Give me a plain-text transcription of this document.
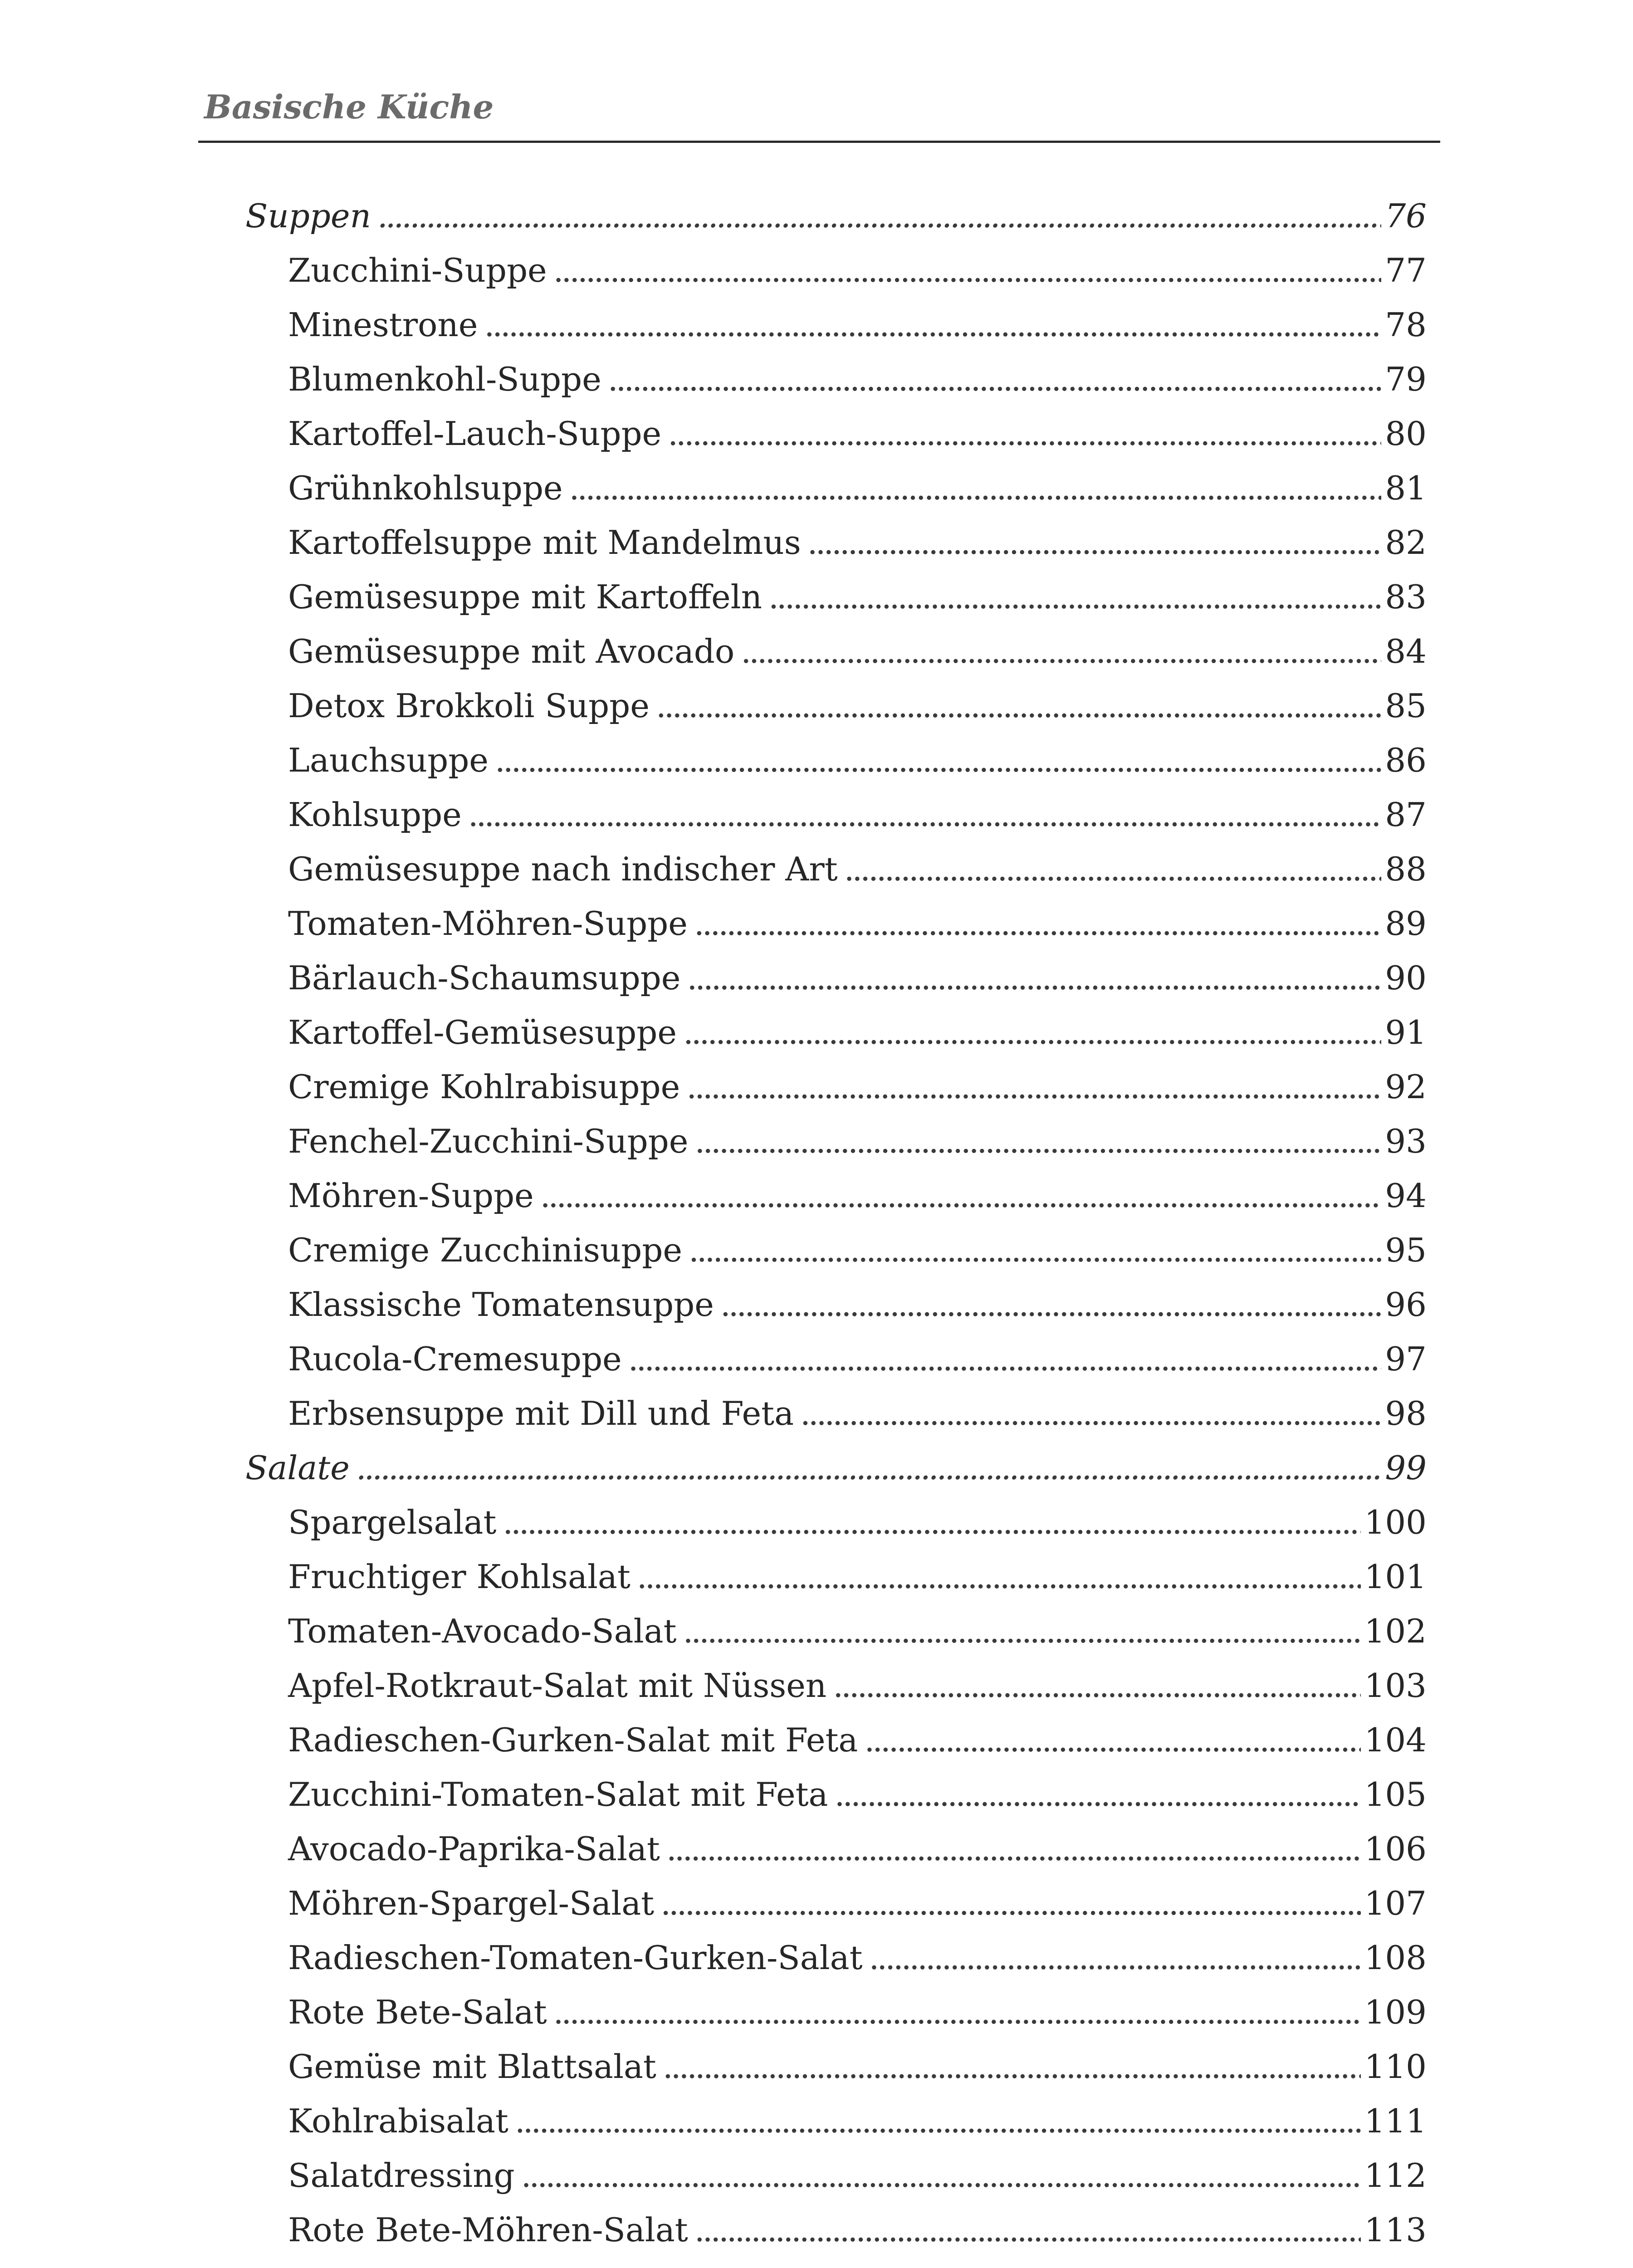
Basische Küche
Suppen . . .	76
Zucchini-Suppe . . .	77
Minestrone . . .	78
Blumenkohl-Suppe . . .	79
Kartoffel-Lauch-Suppe . . .	80
Grühnkohlsuppe . . .	81
Kartoffelsuppe mit Mandelmus . . .	82
Gemüsesuppe mit Kartoffeln . . .	83
Gemüsesuppe mit Avocado . . .	84
Detox Brokkoli Suppe . . .	85
Lauchsuppe . . .	86
Kohlsuppe . . .	87
Gemüsesuppe nach indischer Art . . .	88
Tomaten-Möhren-Suppe . . .	89
Bärlauch-Schaumsuppe . . .	90
Kartoffel-Gemüsesuppe . . .	91
Cremige Kohlrabisuppe . . .	92
Fenchel-Zucchini-Suppe . . .	93
Möhren-Suppe . . .	94
Cremige Zucchinisuppe . . .	95
Klassische Tomatensuppe . . .	96
Rucola-Cremesuppe . . .	97
Erbsensuppe mit Dill und Feta . . .	98
Salate . . .	99
Spargelsalat . . .	100
Fruchtiger Kohlsalat . . .	101
Tomaten-Avocado-Salat . . .	102
Apfel-Rotkraut-Salat mit Nüssen . . .	103
Radieschen-Gurken-Salat mit Feta . . .	104
Zucchini-Tomaten-Salat mit Feta . . .	105
Avocado-Paprika-Salat . . .	106
Möhren-Spargel-Salat . . .	107
Radieschen-Tomaten-Gurken-Salat . . .	108
Rote Bete-Salat . . .	109
Gemüse mit Blattsalat . . .	110
Kohlrabisalat . . .	111
Salatdressing . . .	112
Rote Bete-Möhren-Salat . . .	113
